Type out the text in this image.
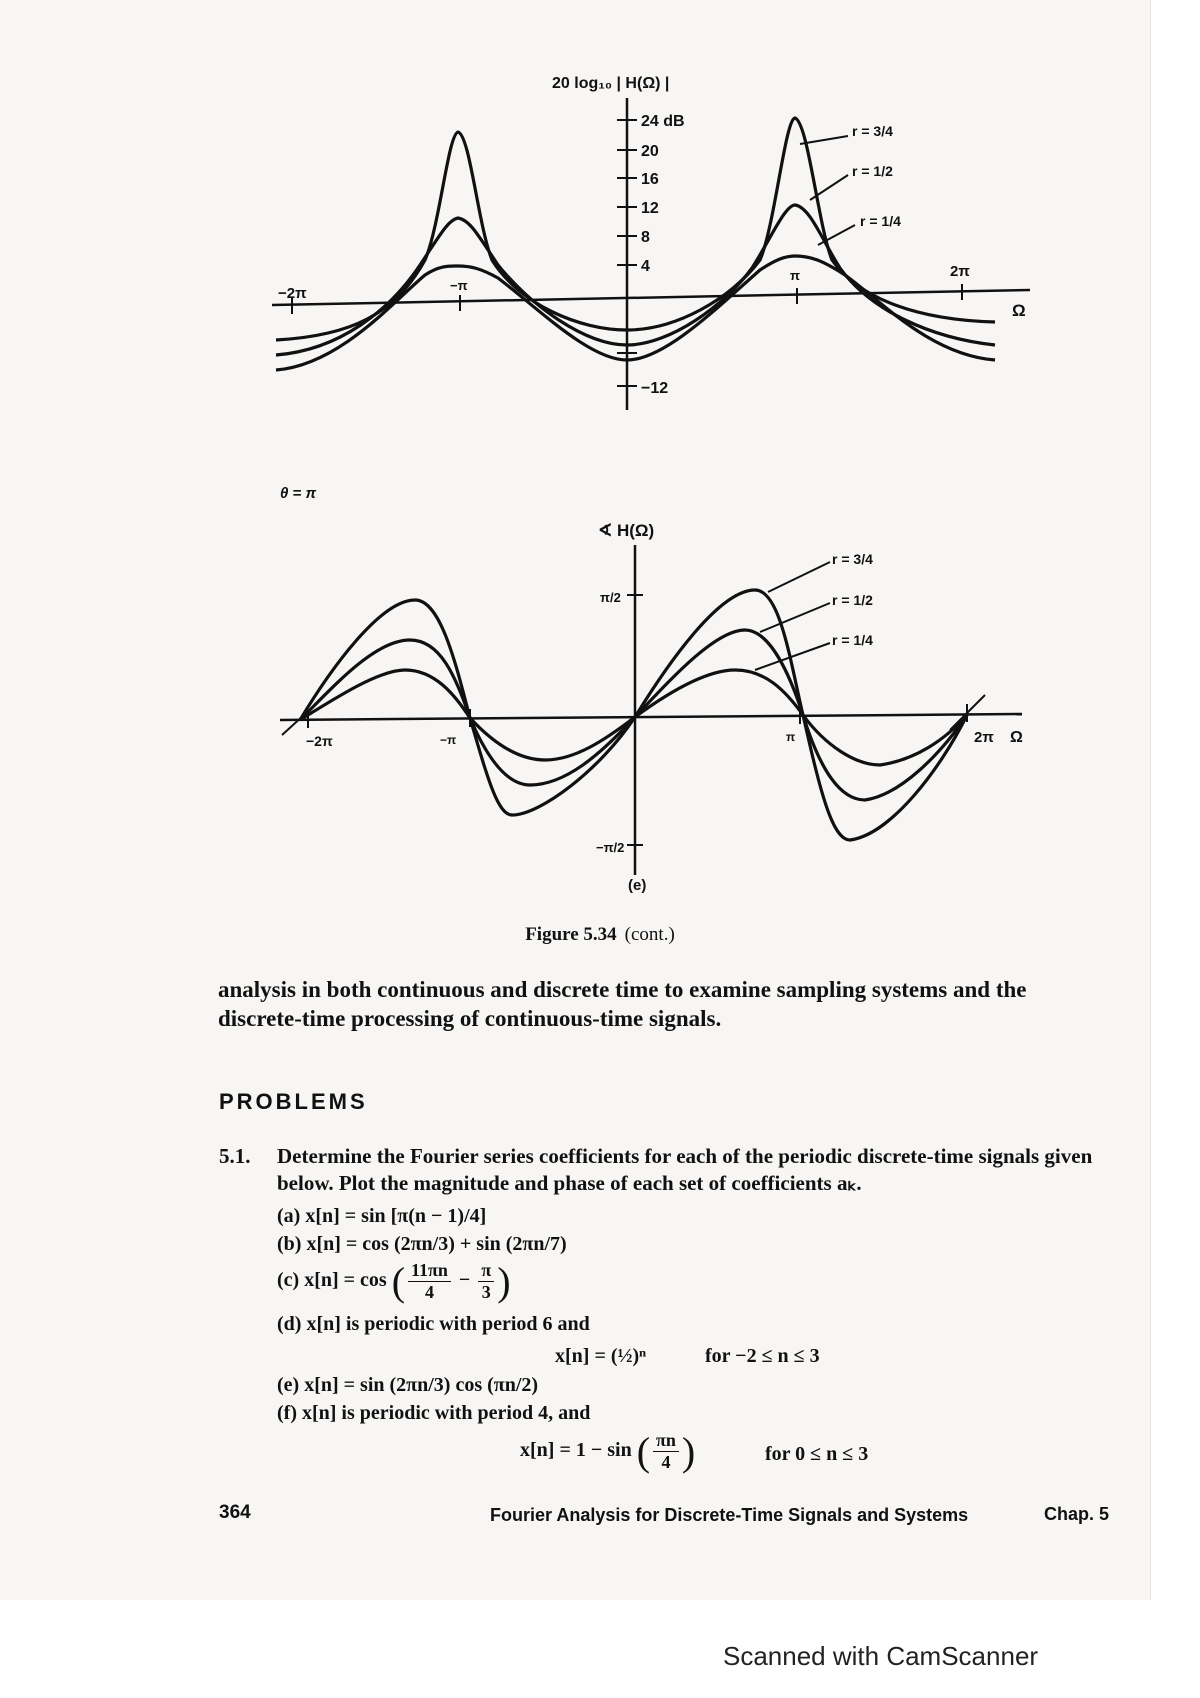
20 log₁₀ | H(Ω) |
24 dB
20
16
12
8
4
−12
−2π	−π
π	2π
Ω
r = 3/4
r = 1/2
r = 1/4
θ = π
∢ H(Ω)
π/2
−π/2
−2π	−π	π	2π Ω
r = 3/4
r = 1/2
r = 1/4
(e)
Figure 5.34 (cont.)
analysis in both continuous and discrete time to examine sampling systems and the discrete-time processing of continuous-time signals.
PROBLEMS
5.1. Determine the Fourier series coefficients for each of the periodic discrete-time signals given below. Plot the magnitude and phase of each set of coefficients aₖ.
(a) x[n] = sin [π(n − 1)/4]
(b) x[n] = cos (2πn/3) + sin (2πn/7)
(c) x[n] = cos ( $\frac{11\pi n}{4} - \frac{\pi}{3}$ )
(d) x[n] is periodic with period 6 and
x[n] = (½)ⁿ	for −2 ≤ n ≤ 3
(e) x[n] = sin (2πn/3) cos (πn/2)
(f) x[n] is periodic with period 4, and
x[n] = 1 − sin ( $\frac{\pi n}{4}$ )	for 0 ≤ n ≤ 3
364	Fourier Analysis for Discrete-Time Signals and Systems	Chap. 5
Scanned with CamScanner
